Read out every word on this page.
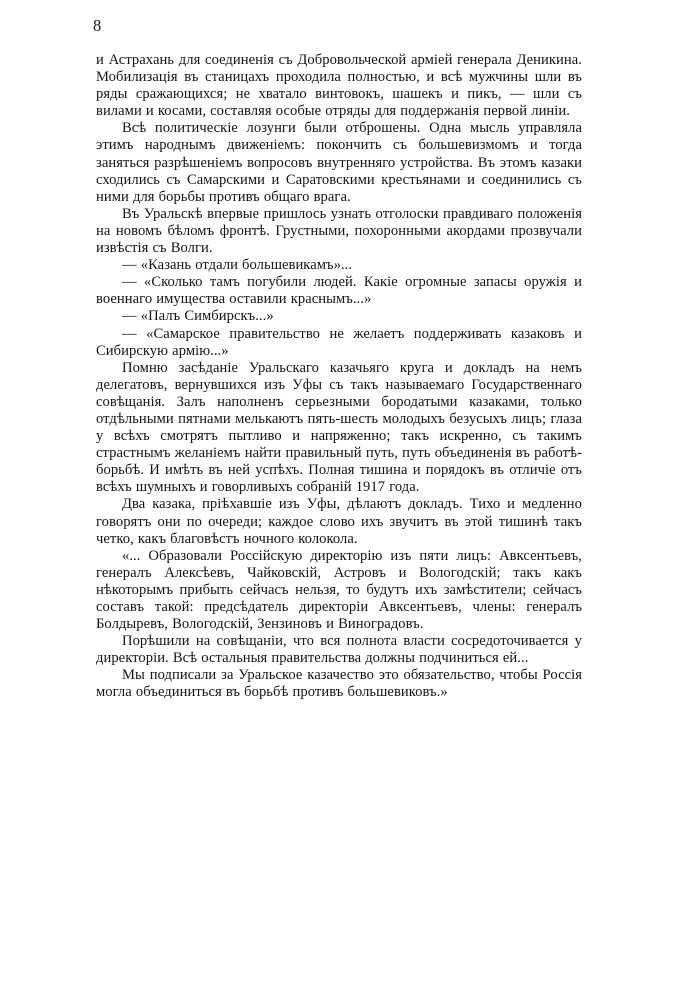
8

и Астрахань для соединенія съ Добровольческой арміей генерала Деникина. Мобилизація въ станицахъ проходила полностью, и всѣ мужчины шли въ ряды сражающихся; не хватало винтовокъ, шашекъ и пикъ, — шли съ вилами и косами, составляя особые отряды для поддержанія первой линіи.

Всѣ политическіе лозунги были отброшены. Одна мысль управляла этимъ народнымъ движеніемъ: покончить съ большевизмомъ и тогда заняться разрѣшеніемъ вопросовъ внутренняго устройства. Въ этомъ казаки сходились съ Самарскими и Саратовскими крестьянами и соединились съ ними для борьбы противъ общаго врага.

Въ Уральскѣ впервые пришлось узнать отголоски правдиваго положенія на новомъ бѣломъ фронтѣ. Грустными, похоронными акордами прозвучали извѣстія съ Волги.

— «Казань отдали большевикамъ»...

— «Сколько тамъ погубили людей. Какіе огромные запасы оружія и военнаго имущества оставили краснымъ...»

— «Палъ Симбирскъ...»

— «Самарское правительство не желаетъ поддерживать казаковъ и Сибирскую армію...»

Помню засѣданіе Уральскаго казачьяго круга и докладъ на немъ делегатовъ, вернувшихся изъ Уфы съ такъ называемаго Государственнаго совѣщанія. Залъ наполненъ серьезными бородатыми казаками, только отдѣльными пятнами мелькаютъ пять-шесть молодыхъ безусыхъ лицъ; глаза у всѣхъ смотрятъ пытливо и напряженно; такъ искренно, съ такимъ страстнымъ желаніемъ найти правильный путь, путь объединенія въ работѣ-борьбѣ. И имѣть въ ней успѣхъ. Полная тишина и порядокъ въ отличіе отъ всѣхъ шумныхъ и говорливыхъ собраній 1917 года.

Два казака, пріѣхавшіе изъ Уфы, дѣлаютъ докладъ. Тихо и медленно говорятъ они по очереди; каждое слово ихъ звучитъ въ этой тишинѣ такъ четко, какъ благовѣстъ ночного колокола.

«... Образовали Россійскую директорію изъ пяти лицъ: Авксентьевъ, генералъ Алексѣевъ, Чайковскій, Астровъ и Вологодскій; такъ какъ нѣкоторымъ прибыть сейчасъ нельзя, то будутъ ихъ замѣстители; сейчасъ составъ такой: предсѣдатель директоріи Авксентьевъ, члены: генералъ Болдыревъ, Вологодскій, Зензиновъ и Виноградовъ.

Порѣшили на совѣщаніи, что вся полнота власти сосредоточивается у директоріи. Всѣ остальныя правительства должны подчиниться ей...

Мы подписали за Уральское казачество это обязательство, чтобы Россія могла объединиться въ борьбѣ противъ большевиковъ.»
